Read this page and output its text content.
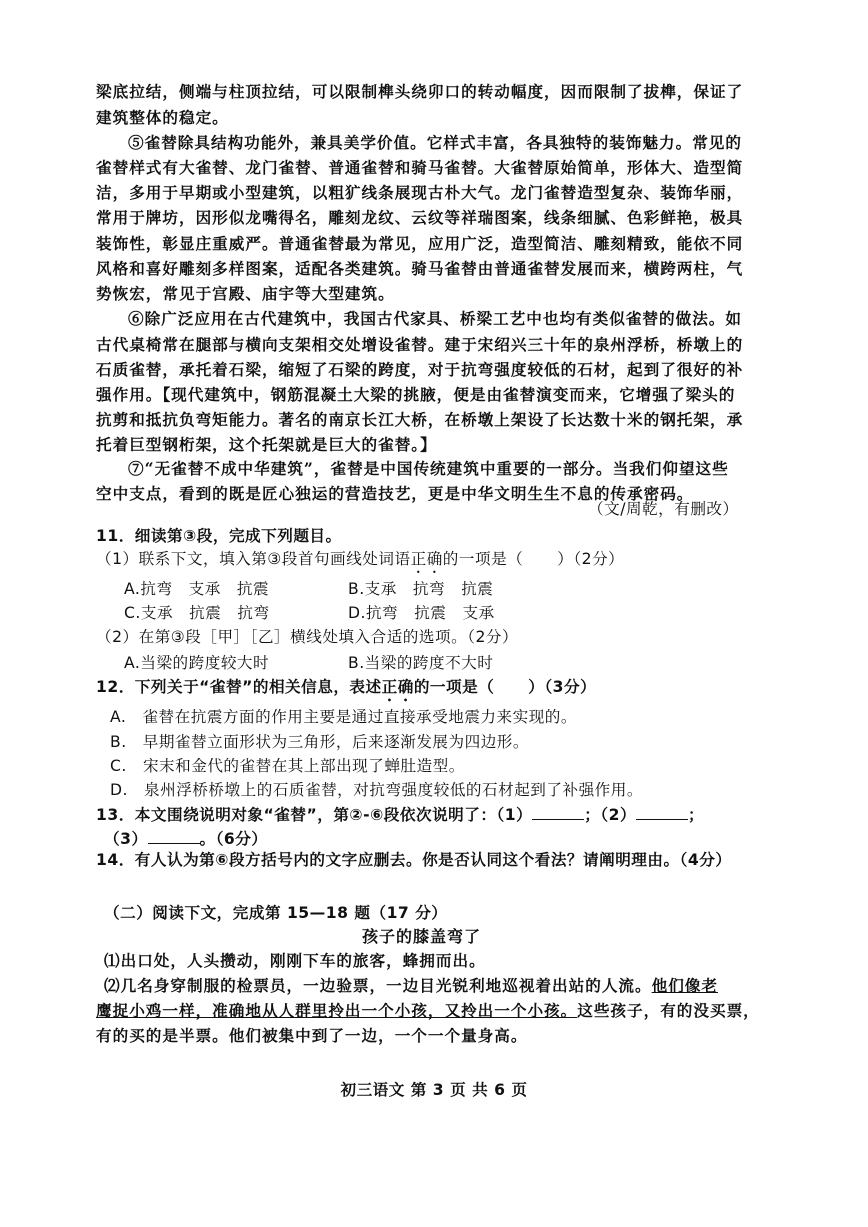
梁底拉结，侧端与柱顶拉结，可以限制榫头绕卯口的转动幅度，因而限制了拔榫，保证了
建筑整体的稳定。
⑤雀替除具结构功能外，兼具美学价值。它样式丰富，各具独特的装饰魅力。常见的
雀替样式有大雀替、龙门雀替、普通雀替和骑马雀替。大雀替原始简单，形体大、造型简
洁，多用于早期或小型建筑，以粗犷线条展现古朴大气。龙门雀替造型复杂、装饰华丽，
常用于牌坊，因形似龙嘴得名，雕刻龙纹、云纹等祥瑞图案，线条细腻、色彩鲜艳，极具
装饰性，彰显庄重威严。普通雀替最为常见，应用广泛，造型简洁、雕刻精致，能依不同
风格和喜好雕刻多样图案，适配各类建筑。骑马雀替由普通雀替发展而来，横跨两柱，气
势恢宏，常见于宫殿、庙宇等大型建筑。
⑥除广泛应用在古代建筑中，我国古代家具、桥梁工艺中也均有类似雀替的做法。如
古代桌椅常在腿部与横向支架相交处增设雀替。建于宋绍兴三十年的泉州浮桥，桥墩上的
石质雀替，承托着石梁，缩短了石梁的跨度，对于抗弯强度较低的石材，起到了很好的补
强作用。【现代建筑中，钢筋混凝土大梁的挑腋，便是由雀替演变而来，它增强了梁头的
抗剪和抵抗负弯矩能力。著名的南京长江大桥，在桥墩上架设了长达数十米的钢托架，承
托着巨型钢桁架，这个托架就是巨大的雀替。】
⑦“无雀替不成中华建筑”，雀替是中国传统建筑中重要的一部分。当我们仰望这些
空中支点，看到的既是匠心独运的营造技艺，更是中华文明生生不息的传承密码。
（文/周乾，有删改）
11．细读第③段，完成下列题目。
（1）联系下文，填入第③段首句画线处词语正确的一项是（ ）（2分）
A.抗弯　支承　抗震	B.支承　抗弯　抗震
C.支承　抗震　抗弯	D.抗弯　抗震　支承
（2）在第③段［甲］［乙］横线处填入合适的选项。（2分）
A.当梁的跨度较大时	B.当梁的跨度不大时
12．下列关于“雀替”的相关信息，表述正确的一项是（ ）（3分）
A.　雀替在抗震方面的作用主要是通过直接承受地震力来实现的。
B.　早期雀替立面形状为三角形，后来逐渐发展为四边形。
C.　宋末和金代的雀替在其上部出现了蝉肚造型。
D.　泉州浮桥桥墩上的石质雀替，对抗弯强度较低的石材起到了补强作用。
13．本文围绕说明对象“雀替”，第②-⑥段依次说明了：（1）	；（2）	；
（3）	。（6分）
14．有人认为第⑥段方括号内的文字应删去。你是否认同这个看法？请阐明理由。（4分）
（二）阅读下文，完成第 15—18 题（17 分）
孩子的膝盖弯了
⑴出口处，人头攒动，刚刚下车的旅客，蜂拥而出。
⑵几名身穿制服的检票员，一边验票，一边目光锐利地巡视着出站的人流。他们像老
鹰捉小鸡一样，准确地从人群里拎出一个小孩，又拎出一个小孩。这些孩子，有的没买票，
有的买的是半票。他们被集中到了一边，一个一个量身高。
初三语文 第 3 页 共 6 页
